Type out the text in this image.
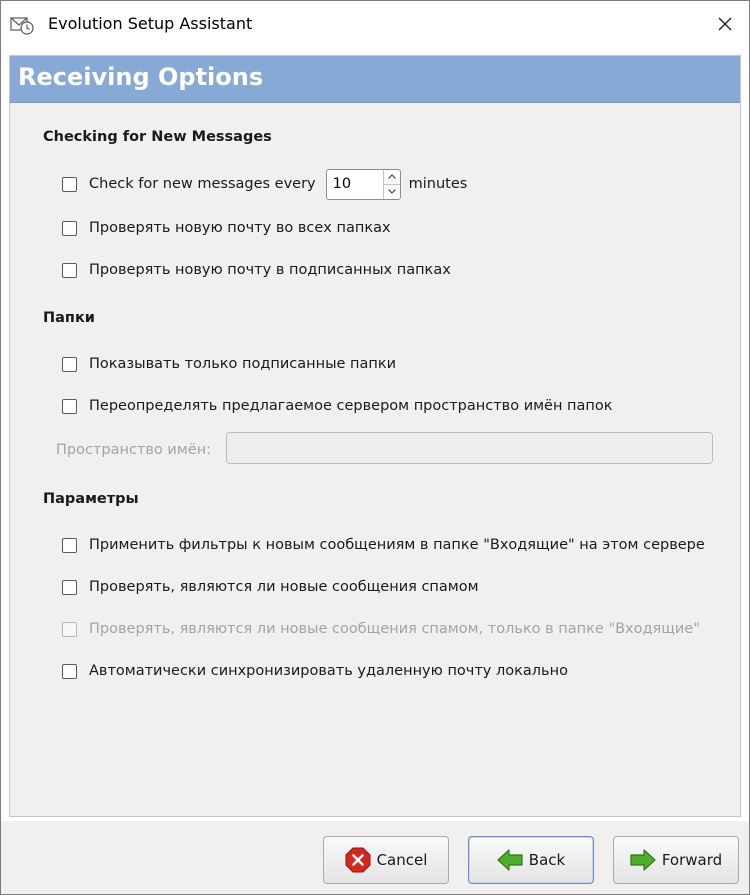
Evolution Setup Assistant
Receiving Options
Checking for New Messages
Check for new messages every	10	minutes
Проверять новую почту во всех папках
Проверять новую почту в подписанных папках
Папки
Показывать только подписанные папки
Переопределять предлагаемое сервером пространство имён папок
Пространство имён:
Параметры
Применить фильтры к новым сообщениям в папке "Входящие" на этом сервере
Проверять, являются ли новые сообщения спамом
Проверять, являются ли новые сообщения спамом, только в папке "Входящие"
Автоматически синхронизировать удаленную почту локально
Cancel	Back	Forward
